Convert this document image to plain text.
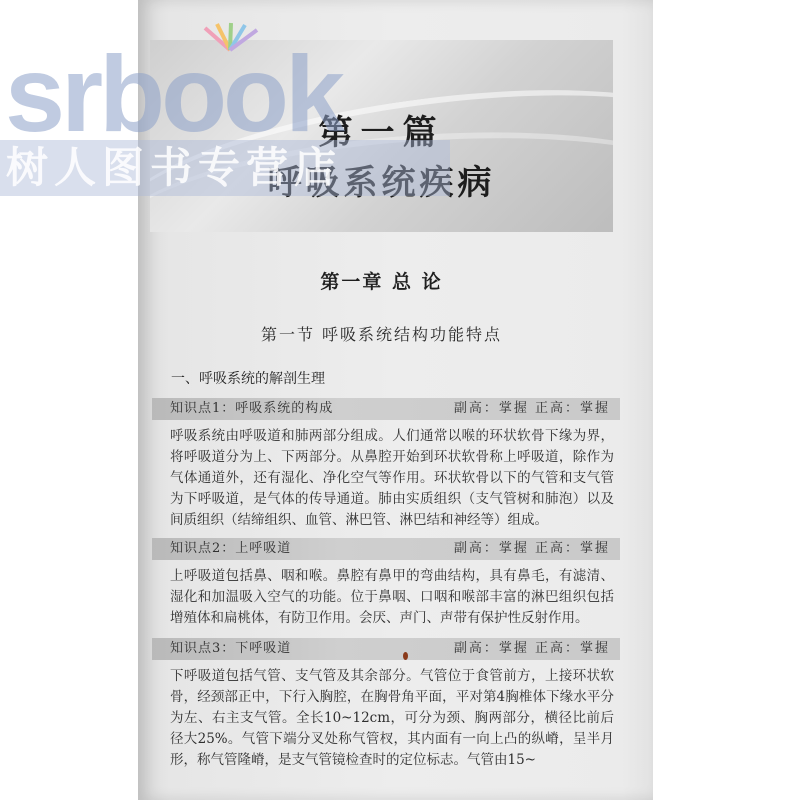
第一篇
呼吸系统疾病
srbook
树人图书专营店
第一章 总 论
第一节 呼吸系统结构功能特点
一、呼吸系统的解剖生理
知识点1：呼吸系统的构成	副高：掌握 正高：掌握

呼吸系统由呼吸道和肺两部分组成。人们通常以喉的环状软骨下缘为界，将呼吸道分为上、下两部分。从鼻腔开始到环状软骨称上呼吸道，除作为气体通道外，还有湿化、净化空气等作用。环状软骨以下的气管和支气管为下呼吸道，是气体的传导通道。肺由实质组织（支气管树和肺泡）以及间质组织（结缔组织、血管、淋巴管、淋巴结和神经等）组成。

知识点2：上呼吸道	副高：掌握 正高：掌握

上呼吸道包括鼻、咽和喉。鼻腔有鼻甲的弯曲结构，具有鼻毛，有滤清、湿化和加温吸入空气的功能。位于鼻咽、口咽和喉部丰富的淋巴组织包括增殖体和扁桃体，有防卫作用。会厌、声门、声带有保护性反射作用。

知识点3：下呼吸道	副高：掌握 正高：掌握

下呼吸道包括气管、支气管及其余部分。气管位于食管前方，上接环状软骨，经颈部正中，下行入胸腔，在胸骨角平面，平对第4胸椎体下缘水平分为左、右主支气管。全长10~12cm，可分为颈、胸两部分，横径比前后径大25%。气管下端分叉处称气管杈，其内面有一向上凸的纵嵴，呈半月形，称气管隆嵴，是支气管镜检查时的定位标志。气管由15~
